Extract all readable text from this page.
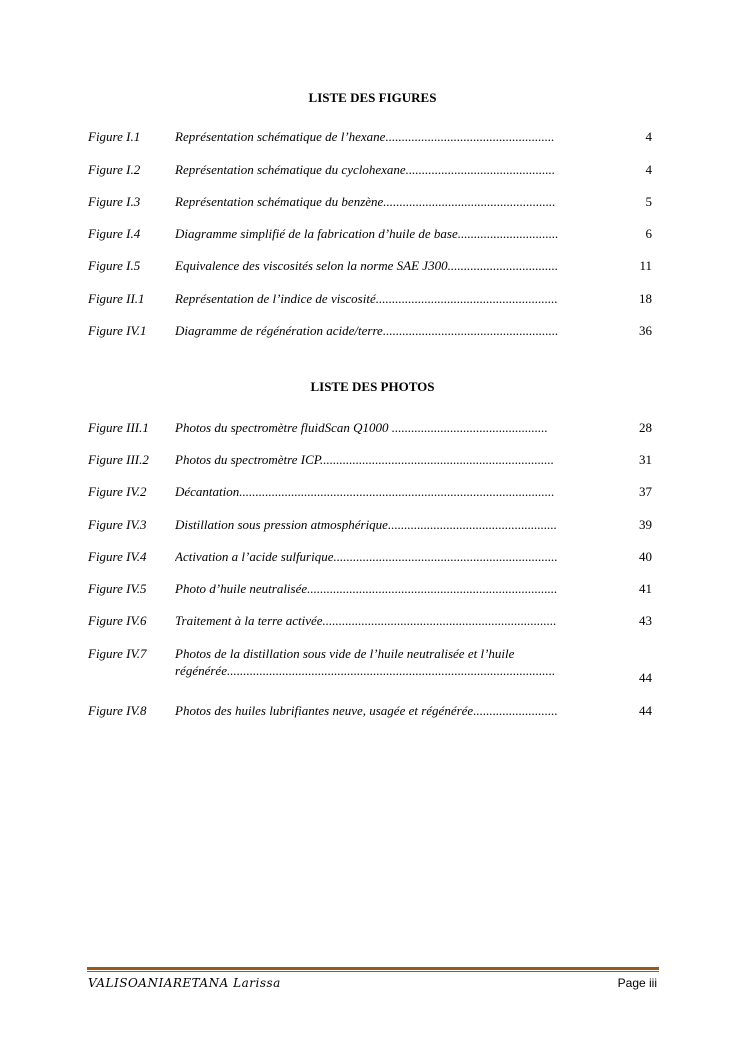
LISTE DES FIGURES
Figure I.1	Représentation schématique de l’hexane....................................................	4
Figure I.2	Représentation schématique du cyclohexane..............................................	4
Figure I.3	Représentation schématique du benzène.....................................................	5
Figure I.4	Diagramme simplifié de la fabrication d’huile de base...............................	6
Figure I.5	Equivalence des viscosités selon la norme SAE J300..................................	11
Figure II.1 Représentation de l’indice de viscosité........................................................	18
Figure IV.1 Diagramme de régénération acide/terre......................................................	36
LISTE DES PHOTOS
Figure III.1 Photos du spectromètre fluidScan Q1000 ................................................	28
Figure III.2 Photos du spectromètre ICP........................................................................	31
Figure IV.2 Décantation.................................................................................................	37
Figure IV.3 Distillation sous pression atmosphérique....................................................	39
Figure IV.4 Activation a l’acide sulfurique.....................................................................	40
Figure IV.5 Photo d’huile neutralisée.............................................................................	41
Figure IV.6 Traitement à la terre activée........................................................................	43
Figure IV.7 Photos de la distillation sous vide de l’huile neutralisée et l’huile
régénérée.....................................................................................................	44
Figure IV.8 Photos des huiles lubrifiantes neuve, usagée et régénérée..........................	44
VALISOANIARETANA Larissa	Page iii
